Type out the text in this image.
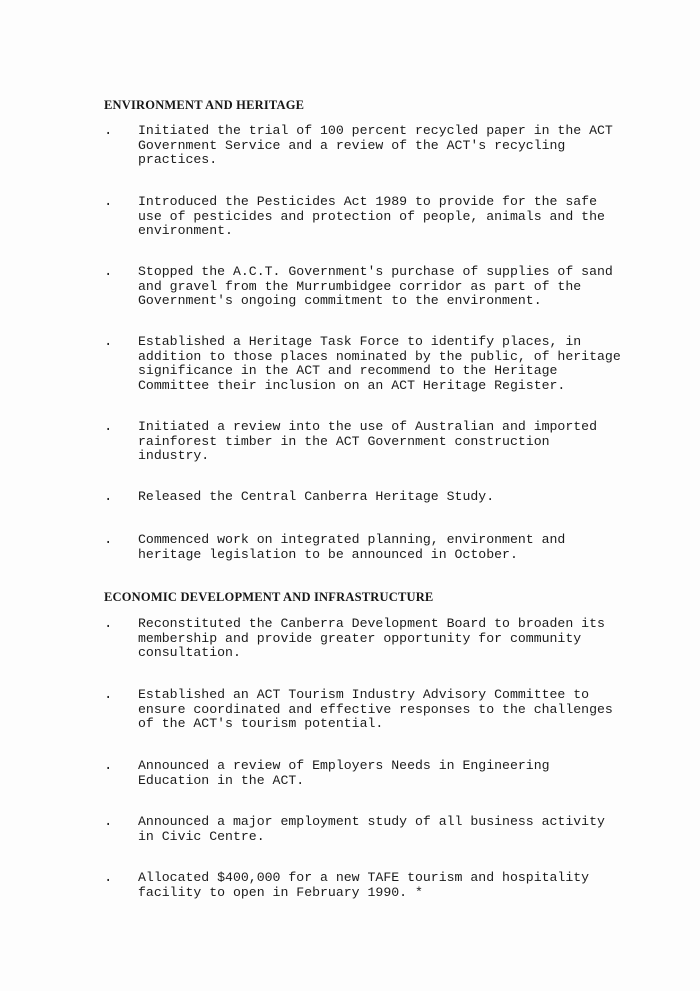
ENVIRONMENT AND HERITAGE
. Initiated the trial of 100 percent recycled paper in the ACT
Government Service and a review of the ACT's recycling
practices.
. Introduced the Pesticides Act 1989 to provide for the safe
use of pesticides and protection of people, animals and the
environment.
. Stopped the A.C.T. Government's purchase of supplies of sand
and gravel from the Murrumbidgee corridor as part of the
Government's ongoing commitment to the environment.
. Established a Heritage Task Force to identify places, in
addition to those places nominated by the public, of heritage
significance in the ACT and recommend to the Heritage
Committee their inclusion on an ACT Heritage Register.
. Initiated a review into the use of Australian and imported
rainforest timber in the ACT Government construction
industry.
. Released the Central Canberra Heritage Study.
. Commenced work on integrated planning, environment and
heritage legislation to be announced in October.
ECONOMIC DEVELOPMENT AND INFRASTRUCTURE
. Reconstituted the Canberra Development Board to broaden its
membership and provide greater opportunity for community
consultation.
. Established an ACT Tourism Industry Advisory Committee to
ensure coordinated and effective responses to the challenges
of the ACT's tourism potential.
. Announced a review of Employers Needs in Engineering
Education in the ACT.
. Announced a major employment study of all business activity
in Civic Centre.
. Allocated $400,000 for a new TAFE tourism and hospitality
facility to open in February 1990. *
